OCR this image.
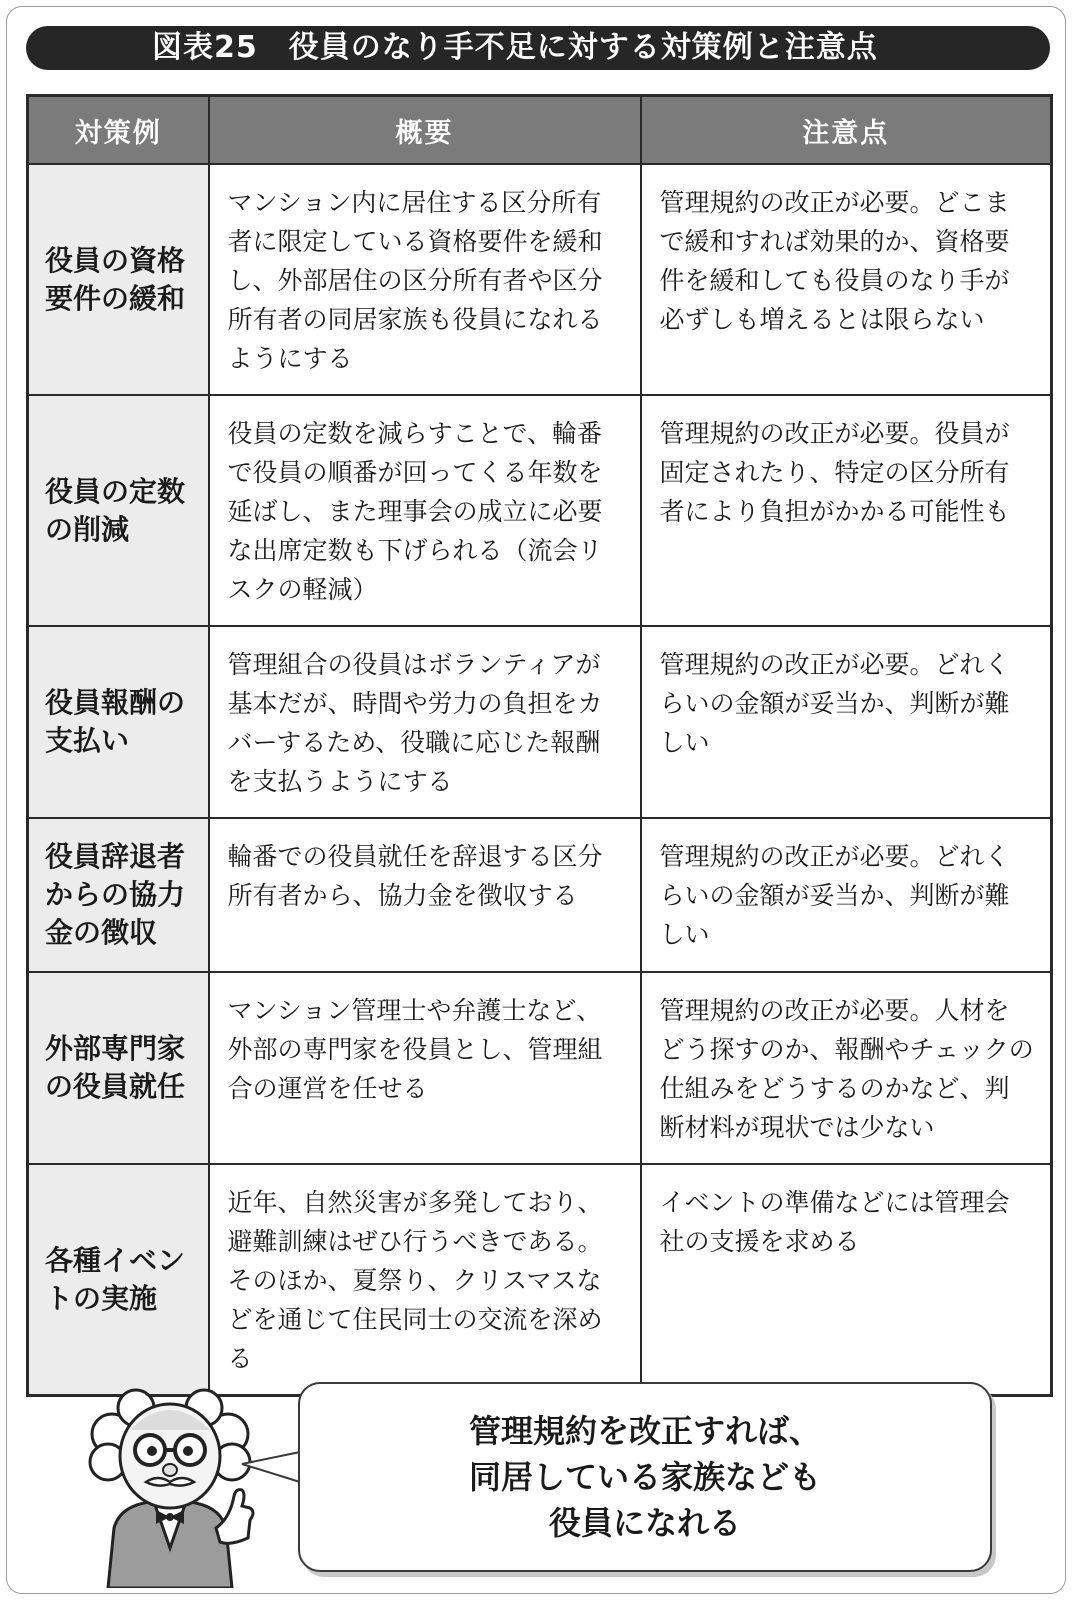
図表25　役員のなり手不足に対する対策例と注意点
対策例	概要	注意点
役員の資格要件の緩和	マンション内に居住する区分所有者に限定している資格要件を緩和し、外部居住の区分所有者や区分所有者の同居家族も役員になれるようにする	管理規約の改正が必要。どこまで緩和すれば効果的か、資格要件を緩和しても役員のなり手が必ずしも増えるとは限らない
役員の定数の削減	役員の定数を減らすことで、輪番で役員の順番が回ってくる年数を延ばし、また理事会の成立に必要な出席定数も下げられる（流会リスクの軽減）	管理規約の改正が必要。役員が固定されたり、特定の区分所有者により負担がかかる可能性も
役員報酬の支払い	管理組合の役員はボランティアが基本だが、時間や労力の負担をカバーするため、役職に応じた報酬を支払うようにする	管理規約の改正が必要。どれくらいの金額が妥当か、判断が難しい
役員辞退者からの協力金の徴収	輪番での役員就任を辞退する区分所有者から、協力金を徴収する	管理規約の改正が必要。どれくらいの金額が妥当か、判断が難しい
外部専門家の役員就任	マンション管理士や弁護士など、外部の専門家を役員とし、管理組合の運営を任せる	管理規約の改正が必要。人材をどう探すのか、報酬やチェックの仕組みをどうするのかなど、判断材料が現状では少ない
各種イベントの実施	近年、自然災害が多発しており、避難訓練はぜひ行うべきである。そのほか、夏祭り、クリスマスなどを通じて住民同士の交流を深める	イベントの準備などには管理会社の支援を求める
管理規約を改正すれば、
同居している家族なども
役員になれる
